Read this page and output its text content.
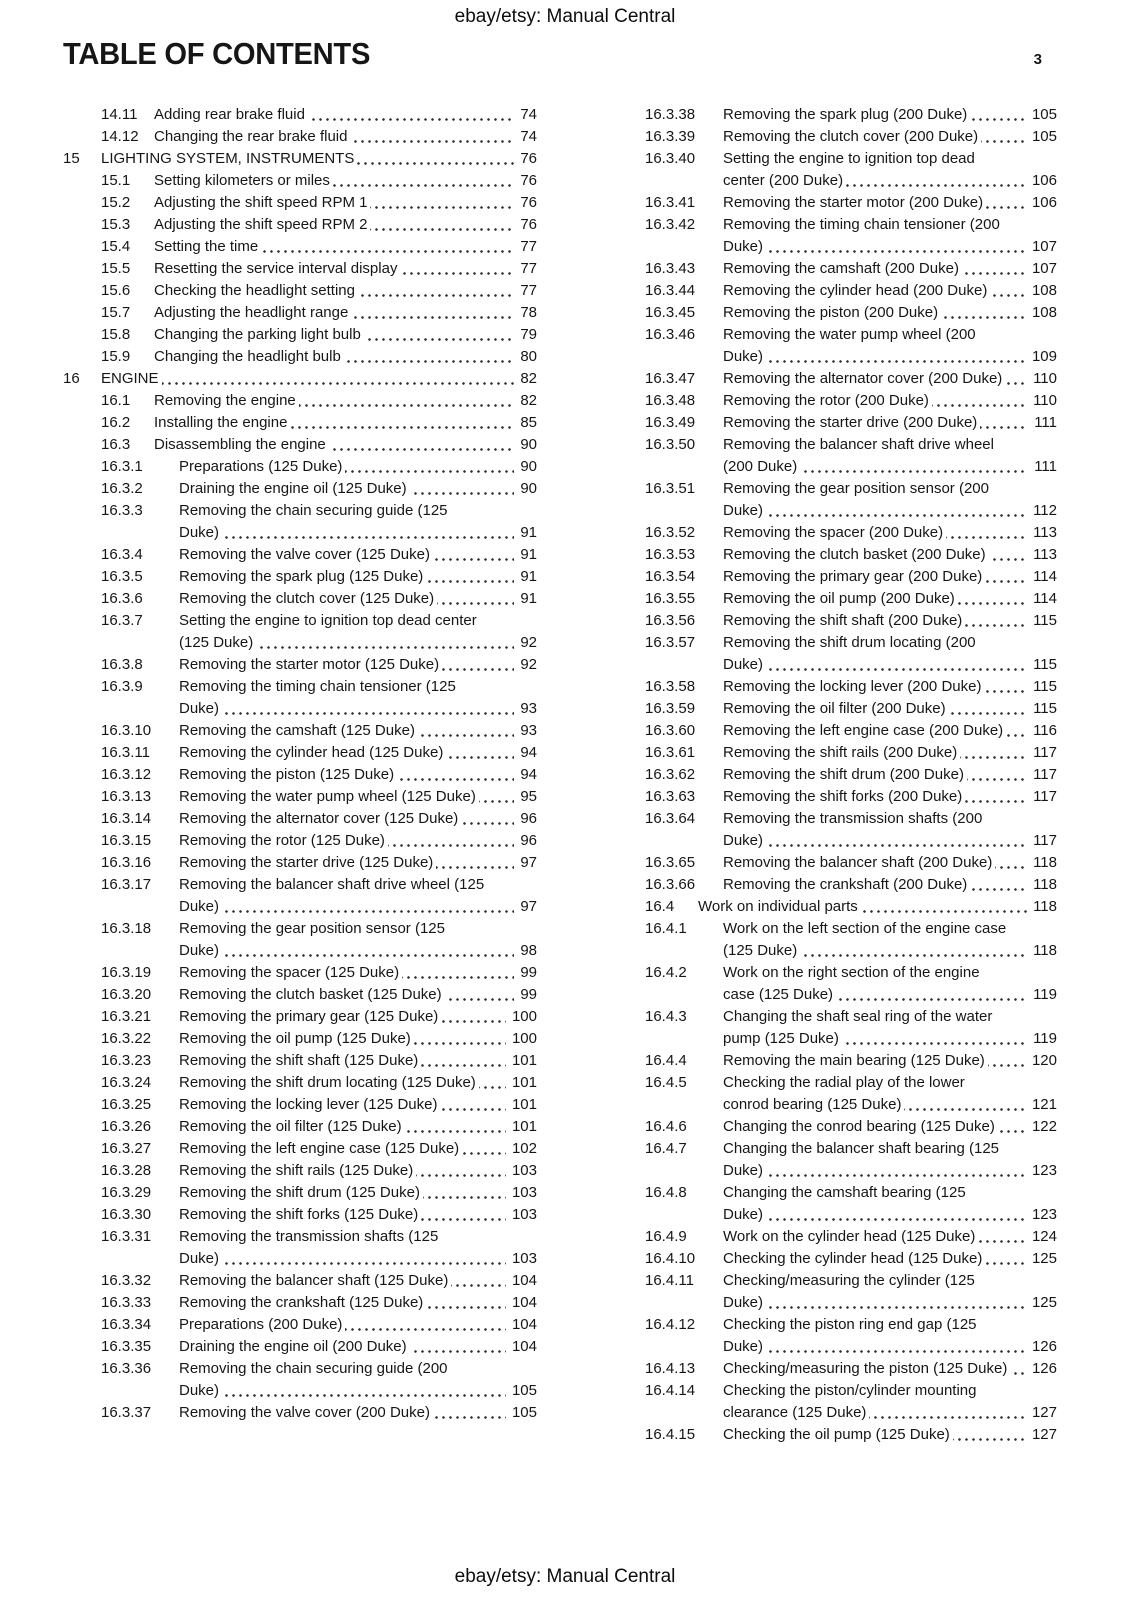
ebay/etsy: Manual Central
TABLE OF CONTENTS	3
14.11	Adding rear brake fluid	74
14.12	Changing the rear brake fluid	74
15	LIGHTING SYSTEM, INSTRUMENTS	76
15.1	Setting kilometers or miles	76
15.2	Adjusting the shift speed RPM 1	76
15.3	Adjusting the shift speed RPM 2	76
15.4	Setting the time	77
15.5	Resetting the service interval display	77
15.6	Checking the headlight setting	77
15.7	Adjusting the headlight range	78
15.8	Changing the parking light bulb	79
15.9	Changing the headlight bulb	80
16	ENGINE	82
16.1	Removing the engine	82
16.2	Installing the engine	85
16.3	Disassembling the engine	90
16.3.1	Preparations (125 Duke)	90
16.3.2	Draining the engine oil (125 Duke)	90
16.3.3	Removing the chain securing guide (125 Duke)	91
16.3.4	Removing the valve cover (125 Duke)	91
16.3.5	Removing the spark plug (125 Duke)	91
16.3.6	Removing the clutch cover (125 Duke)	91
16.3.7	Setting the engine to ignition top dead center (125 Duke)	92
16.3.8	Removing the starter motor (125 Duke)	92
16.3.9	Removing the timing chain tensioner (125 Duke)	93
16.3.10	Removing the camshaft (125 Duke)	93
16.3.11	Removing the cylinder head (125 Duke)	94
16.3.12	Removing the piston (125 Duke)	94
16.3.13	Removing the water pump wheel (125 Duke)	95
16.3.14	Removing the alternator cover (125 Duke)	96
16.3.15	Removing the rotor (125 Duke)	96
16.3.16	Removing the starter drive (125 Duke)	97
16.3.17	Removing the balancer shaft drive wheel (125 Duke)	97
16.3.18	Removing the gear position sensor (125 Duke)	98
16.3.19	Removing the spacer (125 Duke)	99
16.3.20	Removing the clutch basket (125 Duke)	99
16.3.21	Removing the primary gear (125 Duke)	100
16.3.22	Removing the oil pump (125 Duke)	100
16.3.23	Removing the shift shaft (125 Duke)	101
16.3.24	Removing the shift drum locating (125 Duke)	101
16.3.25	Removing the locking lever (125 Duke)	101
16.3.26	Removing the oil filter (125 Duke)	101
16.3.27	Removing the left engine case (125 Duke)	102
16.3.28	Removing the shift rails (125 Duke)	103
16.3.29	Removing the shift drum (125 Duke)	103
16.3.30	Removing the shift forks (125 Duke)	103
16.3.31	Removing the transmission shafts (125 Duke)	103
16.3.32	Removing the balancer shaft (125 Duke)	104
16.3.33	Removing the crankshaft (125 Duke)	104
16.3.34	Preparations (200 Duke)	104
16.3.35	Draining the engine oil (200 Duke)	104
16.3.36	Removing the chain securing guide (200 Duke)	105
16.3.37	Removing the valve cover (200 Duke)	105
16.3.38	Removing the spark plug (200 Duke)	105
16.3.39	Removing the clutch cover (200 Duke)	105
16.3.40	Setting the engine to ignition top dead center (200 Duke)	106
16.3.41	Removing the starter motor (200 Duke)	106
16.3.42	Removing the timing chain tensioner (200 Duke)	107
16.3.43	Removing the camshaft (200 Duke)	107
16.3.44	Removing the cylinder head (200 Duke)	108
16.3.45	Removing the piston (200 Duke)	108
16.3.46	Removing the water pump wheel (200 Duke)	109
16.3.47	Removing the alternator cover (200 Duke)	110
16.3.48	Removing the rotor (200 Duke)	110
16.3.49	Removing the starter drive (200 Duke)	111
16.3.50	Removing the balancer shaft drive wheel (200 Duke)	111
16.3.51	Removing the gear position sensor (200 Duke)	112
16.3.52	Removing the spacer (200 Duke)	113
16.3.53	Removing the clutch basket (200 Duke)	113
16.3.54	Removing the primary gear (200 Duke)	114
16.3.55	Removing the oil pump (200 Duke)	114
16.3.56	Removing the shift shaft (200 Duke)	115
16.3.57	Removing the shift drum locating (200 Duke)	115
16.3.58	Removing the locking lever (200 Duke)	115
16.3.59	Removing the oil filter (200 Duke)	115
16.3.60	Removing the left engine case (200 Duke)	116
16.3.61	Removing the shift rails (200 Duke)	117
16.3.62	Removing the shift drum (200 Duke)	117
16.3.63	Removing the shift forks (200 Duke)	117
16.3.64	Removing the transmission shafts (200 Duke)	117
16.3.65	Removing the balancer shaft (200 Duke)	118
16.3.66	Removing the crankshaft (200 Duke)	118
16.4	Work on individual parts	118
16.4.1	Work on the left section of the engine case (125 Duke)	118
16.4.2	Work on the right section of the engine case (125 Duke)	119
16.4.3	Changing the shaft seal ring of the water pump (125 Duke)	119
16.4.4	Removing the main bearing (125 Duke)	120
16.4.5	Checking the radial play of the lower conrod bearing (125 Duke)	121
16.4.6	Changing the conrod bearing (125 Duke)	122
16.4.7	Changing the balancer shaft bearing (125 Duke)	123
16.4.8	Changing the camshaft bearing (125 Duke)	123
16.4.9	Work on the cylinder head (125 Duke)	124
16.4.10	Checking the cylinder head (125 Duke)	125
16.4.11	Checking/measuring the cylinder (125 Duke)	125
16.4.12	Checking the piston ring end gap (125 Duke)	126
16.4.13	Checking/measuring the piston (125 Duke)	126
16.4.14	Checking the piston/cylinder mounting clearance (125 Duke)	127
16.4.15	Checking the oil pump (125 Duke)	127
ebay/etsy: Manual Central
